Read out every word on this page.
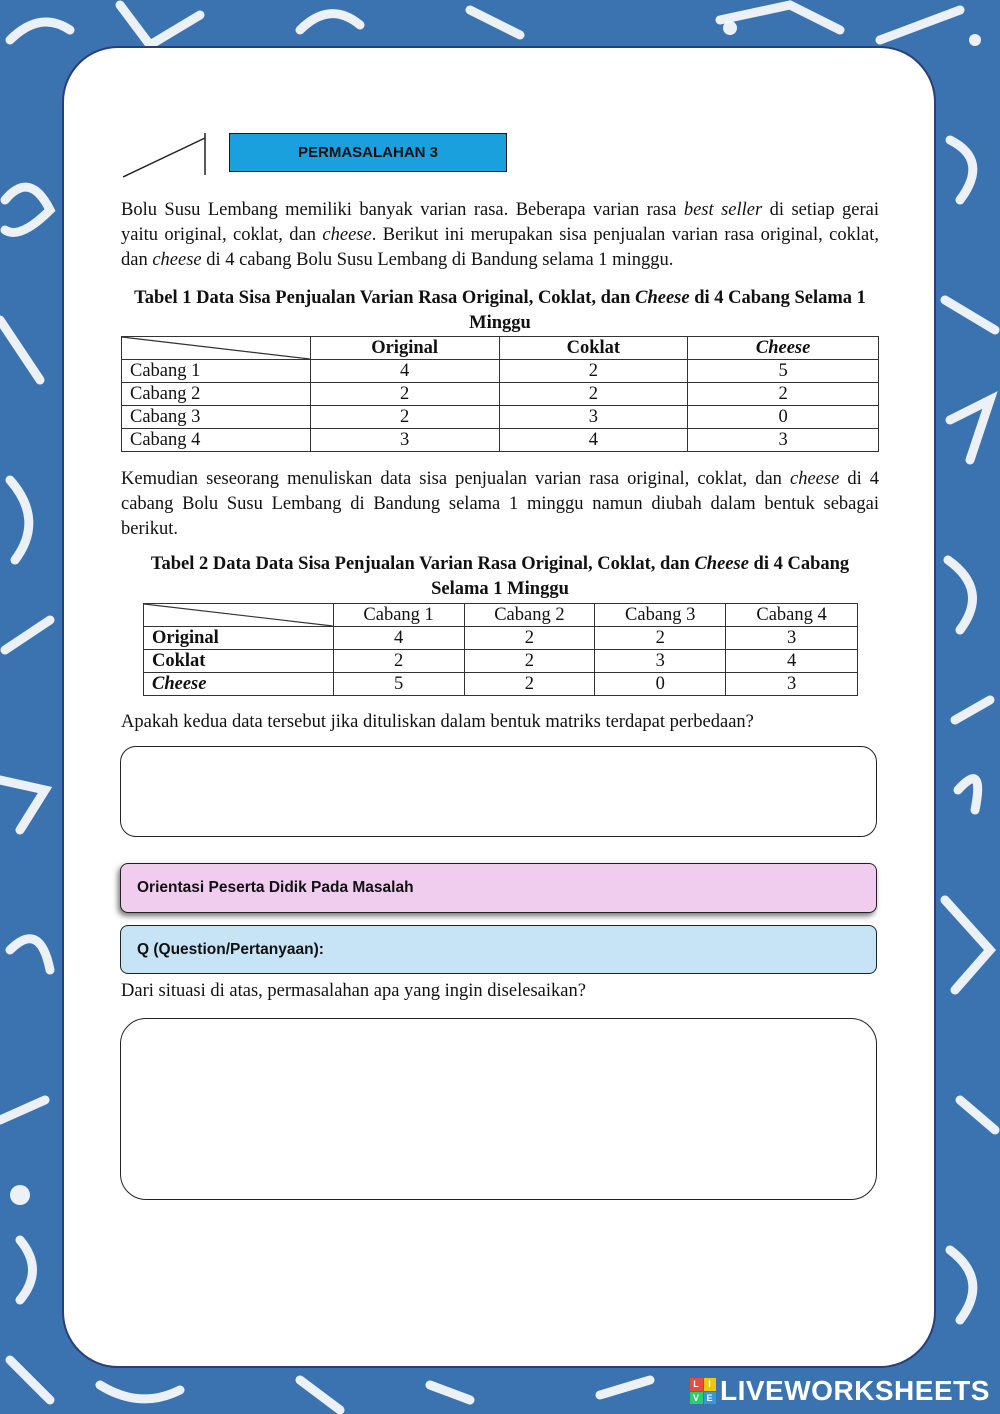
PERMASALAHAN 3
Bolu Susu Lembang memiliki banyak varian rasa. Beberapa varian rasa best seller di setiap gerai yaitu original, coklat, dan cheese. Berikut ini merupakan sisa penjualan varian rasa original, coklat, dan cheese di 4 cabang Bolu Susu Lembang di Bandung selama 1 minggu.
Tabel 1 Data Sisa Penjualan Varian Rasa Original, Coklat, dan Cheese di 4 Cabang Selama 1 Minggu
	Original	Coklat	Cheese
Cabang 1	4	2	5
Cabang 2	2	2	2
Cabang 3	2	3	0
Cabang 4	3	4	3
Kemudian seseorang menuliskan data sisa penjualan varian rasa original, coklat, dan cheese di 4 cabang Bolu Susu Lembang di Bandung selama 1 minggu namun diubah dalam bentuk sebagai berikut.
Tabel 2 Data Data Sisa Penjualan Varian Rasa Original, Coklat, dan Cheese di 4 Cabang Selama 1 Minggu
	Cabang 1	Cabang 2	Cabang 3	Cabang 4
Original	4	2	2	3
Coklat	2	2	3	4
Cheese	5	2	0	3
Apakah kedua data tersebut jika dituliskan dalam bentuk matriks terdapat perbedaan?
Orientasi Peserta Didik Pada Masalah
Q (Question/Pertanyaan):
Dari situasi di atas, permasalahan apa yang ingin diselesaikan?
L I
V E LIVEWORKSHEETS
